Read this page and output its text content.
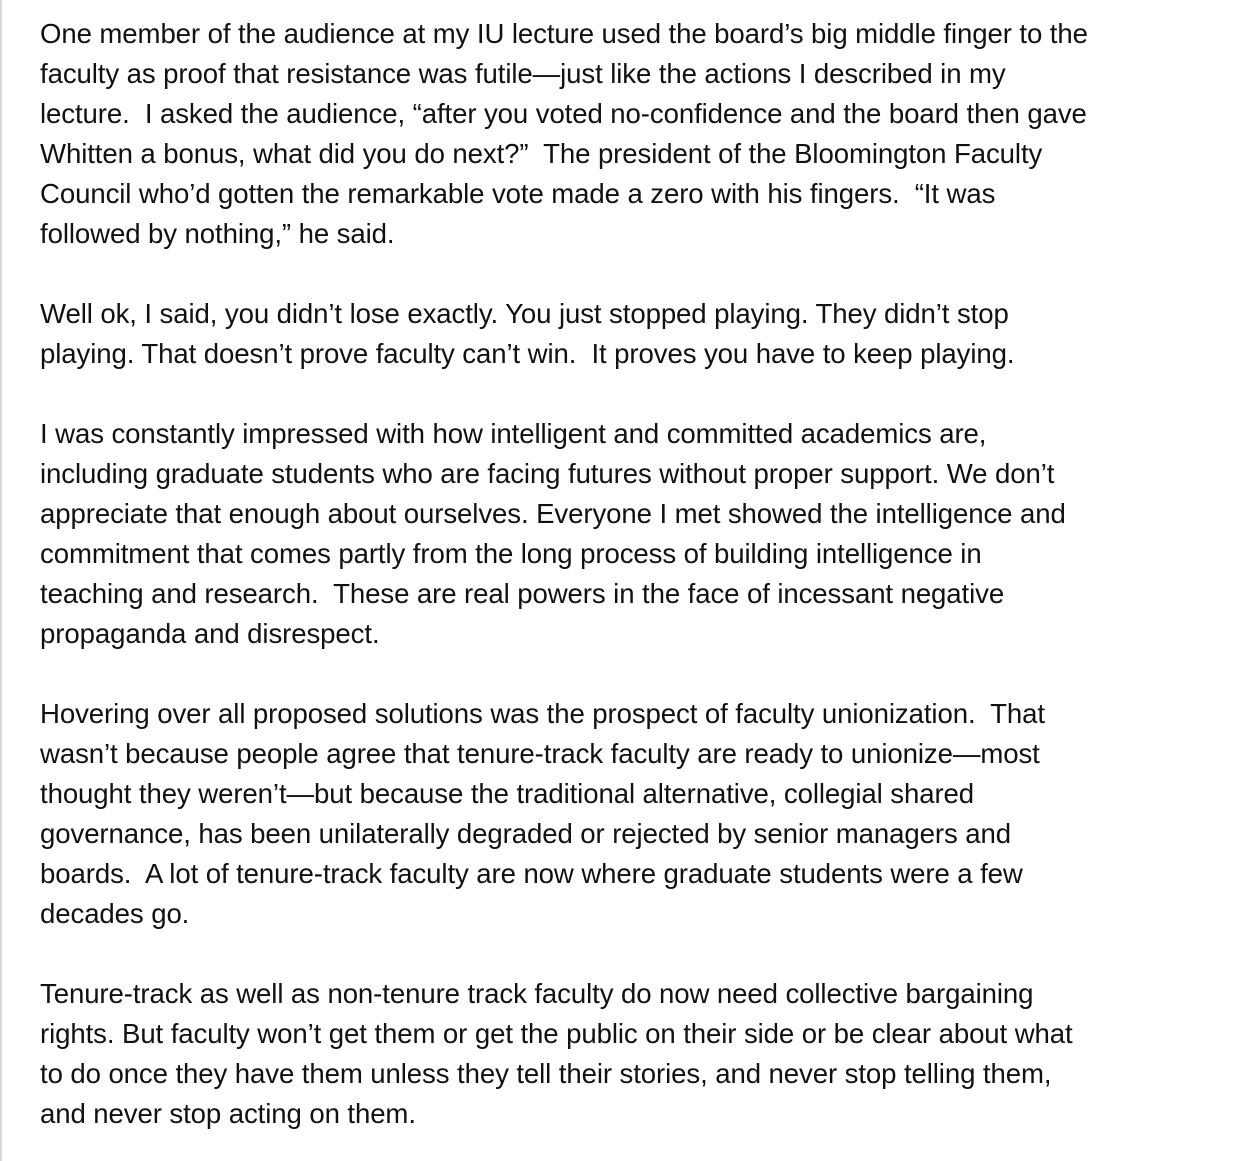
One member of the audience at my IU lecture used the board’s big middle finger to the
faculty as proof that resistance was futile—just like the actions I described in my
lecture.  I asked the audience, “after you voted no-confidence and the board then gave
Whitten a bonus, what did you do next?”  The president of the Bloomington Faculty
Council who’d gotten the remarkable vote made a zero with his fingers.  “It was
followed by nothing,” he said.

Well ok, I said, you didn’t lose exactly. You just stopped playing. They didn’t stop
playing. That doesn’t prove faculty can’t win.  It proves you have to keep playing.

I was constantly impressed with how intelligent and committed academics are,
including graduate students who are facing futures without proper support. We don’t
appreciate that enough about ourselves. Everyone I met showed the intelligence and
commitment that comes partly from the long process of building intelligence in
teaching and research.  These are real powers in the face of incessant negative
propaganda and disrespect.

Hovering over all proposed solutions was the prospect of faculty unionization.  That
wasn’t because people agree that tenure-track faculty are ready to unionize—most
thought they weren’t—but because the traditional alternative, collegial shared
governance, has been unilaterally degraded or rejected by senior managers and
boards.  A lot of tenure-track faculty are now where graduate students were a few
decades go.

Tenure-track as well as non-tenure track faculty do now need collective bargaining
rights. But faculty won’t get them or get the public on their side or be clear about what
to do once they have them unless they tell their stories, and never stop telling them,
and never stop acting on them.
